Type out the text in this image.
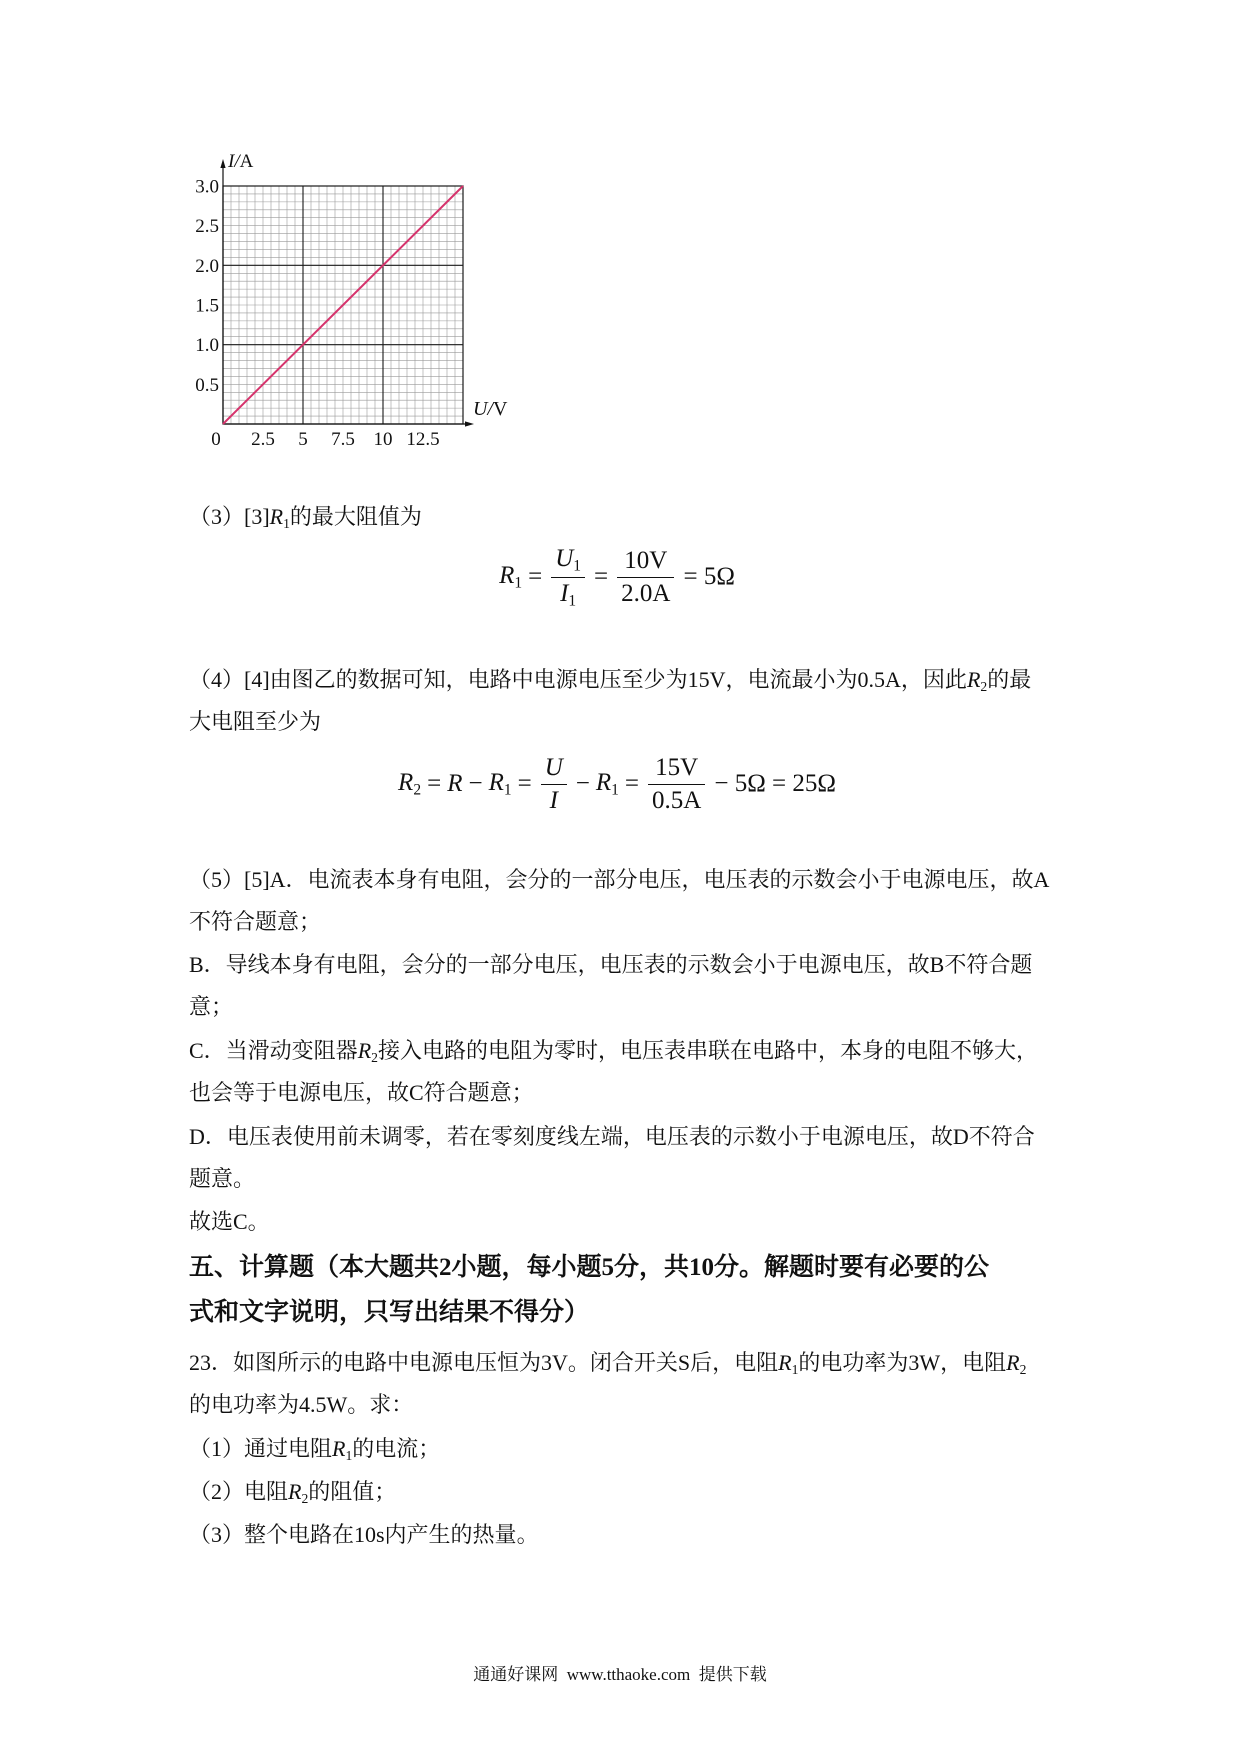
0 2.5 5 7.5 10 12.5
0.5
1.0
1.5
2.0
2.5
3.0
I/A
U/V
$(3)[3]R_1$的最大阻值为
$R_1 = \frac{U_1}{I_1} = \frac{10V}{2.0A} = 5\Omega$
（4）[4]由图乙的数据可知，电路中电源电压至少为15V，电流最小为0.5A，因此$R_2$的最
大电阻至少为
$R_2 = R - R_1 = \frac{U}{I} - R_1 = \frac{15V}{0.5A} - 5\Omega = 25\Omega$
（5）[5]A．电流表本身有电阻，会分的一部分电压，电压表的示数会小于电源电压，故A
不符合题意；
B．导线本身有电阻，会分的一部分电压，电压表的示数会小于电源电压，故B不符合题
意；
C．当滑动变阻器$R_2$接入电路的电阻为零时，电压表串联在电路中，本身的电阻不够大，
也会等于电源电压，故C符合题意；
D．电压表使用前未调零，若在零刻度线左端，电压表的示数小于电源电压，故D不符合
题意。
故选C。
五、计算题（本大题共2小题，每小题5分，共10分。解题时要有必要的公
式和文字说明，只写出结果不得分）
23．如图所示的电路中电源电压恒为3V。闭合开关S后，电阻$R_1$的电功率为3W，电阻$R_2$
的电功率为4.5W。求：
（1）通过电阻$R_1$的电流；
（2）电阻$R_2$的阻值；
（3）整个电路在10s内产生的热量。
通通好课网  www.tthaoke.com  提供下载
